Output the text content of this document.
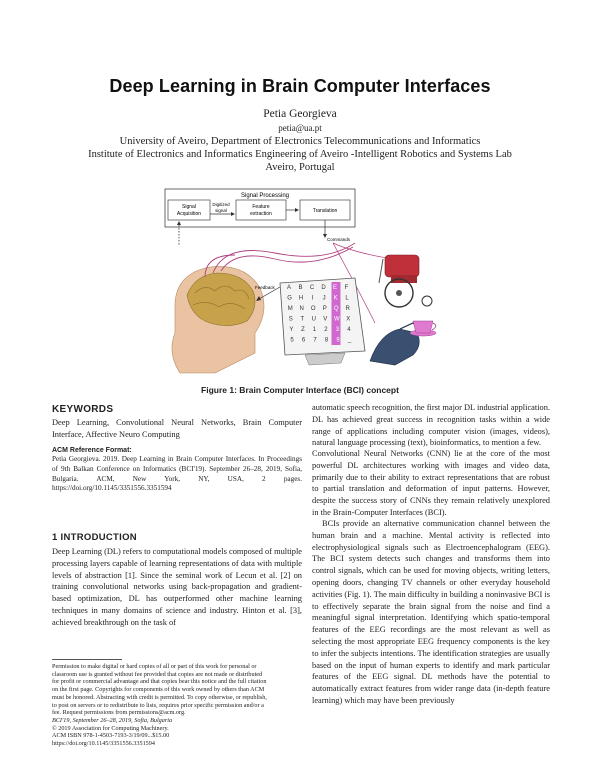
Deep Learning in Brain Computer Interfaces
Petia Georgieva
petia@ua.pt
University of Aveiro, Department of Electronics Telecommunications and Informatics
Institute of Electronics and Informatics Engineering of Aveiro -Intelligent Robotics and Systems Lab
Aveiro, Portugal
Signal Processing
Signal
Acquisition
Digitized
signal
Feature
extraction	Translation
Commands
Feedback A B C D E F
G H I J K L
M N O P Q R
S T U V W X
Y Z 1 2 3 4
5 6 7 8 9 _
Figure 1: Brain Computer Interface (BCI) concept
KEYWORDS

Deep Learning, Convolutional Neural Networks, Brain Computer Interface, Affective Neuro Computing

ACM Reference Format:

Petia Georgieva. 2019. Deep Learning in Brain Computer Interfaces. In Proceedings of 9th Balkan Conference on Informatics (BCI'19). September 26–28, 2019, Sofia, Bulgaria. ACM, New York, NY, USA, 2 pages. https://doi.org/10.1145/3351556.3351594

1 INTRODUCTION

Deep Learning (DL) refers to computational models composed of multiple processing layers capable of learning representations of data with multiple levels of abstraction [1]. Since the seminal work of Lecun et al. [2] on training convolutional networks using back-propagation and gradient-based optimization, DL has outperformed other machine learning techniques in many domains of science and industry. Hinton et al. [3], achieved breakthrough on the task of

Permission to make digital or hard copies of all or part of this work for personal or
classroom use is granted without fee provided that copies are not made or distributed
for profit or commercial advantage and that copies bear this notice and the full citation
on the first page. Copyrights for components of this work owned by others than ACM
must be honored. Abstracting with credit is permitted. To copy otherwise, or republish,
to post on servers or to redistribute to lists, requires prior specific permission and/or a
fee. Request permissions from permissions@acm.org.
BCI'19, September 26–28, 2019, Sofia, Bulgaria
© 2019 Association for Computing Machinery.
ACM ISBN 978-1-4503-7193-3/19/09...$15.00
https://doi.org/10.1145/3351556.3351594

automatic speech recognition, the first major DL industrial application. DL has achieved great success in recognition tasks within a wide range of applications including computer vision (images, videos), natural language processing (text), bioinformatics, to mention a few.

Convolutional Neural Networks (CNN) lie at the core of the most powerful DL architectures working with images and video data, primarily due to their ability to extract representations that are robust to partial translation and deformation of input patterns. However, despite the success story of CNNs they remain relatively unexplored in the Brain-Computer Interfaces (BCI).

BCIs provide an alternative communication channel between the human brain and a machine. Mental activity is reflected into electrophysiological signals such as Electroencephalogram (EEG). The BCI system detects such changes and transforms them into control signals, which can be used for moving objects, writing letters, opening doors, changing TV channels or other everyday household activities (Fig. 1). The main difficulty in building a noninvasive BCI is to effectively separate the brain signal from the noise and find a meaningful signal interpretation. Identifying which spatio-temporal features of the EEG recordings are the most relevant as well as selecting the most appropriate EEG frequency components is the key to infer the subjects intentions. The identification strategies are usually based on the input of human experts to identify and mark particular features of the EEG signal. DL methods have the potential to automatically extract features from wider range data (in-depth feature learning) which may have been previously
